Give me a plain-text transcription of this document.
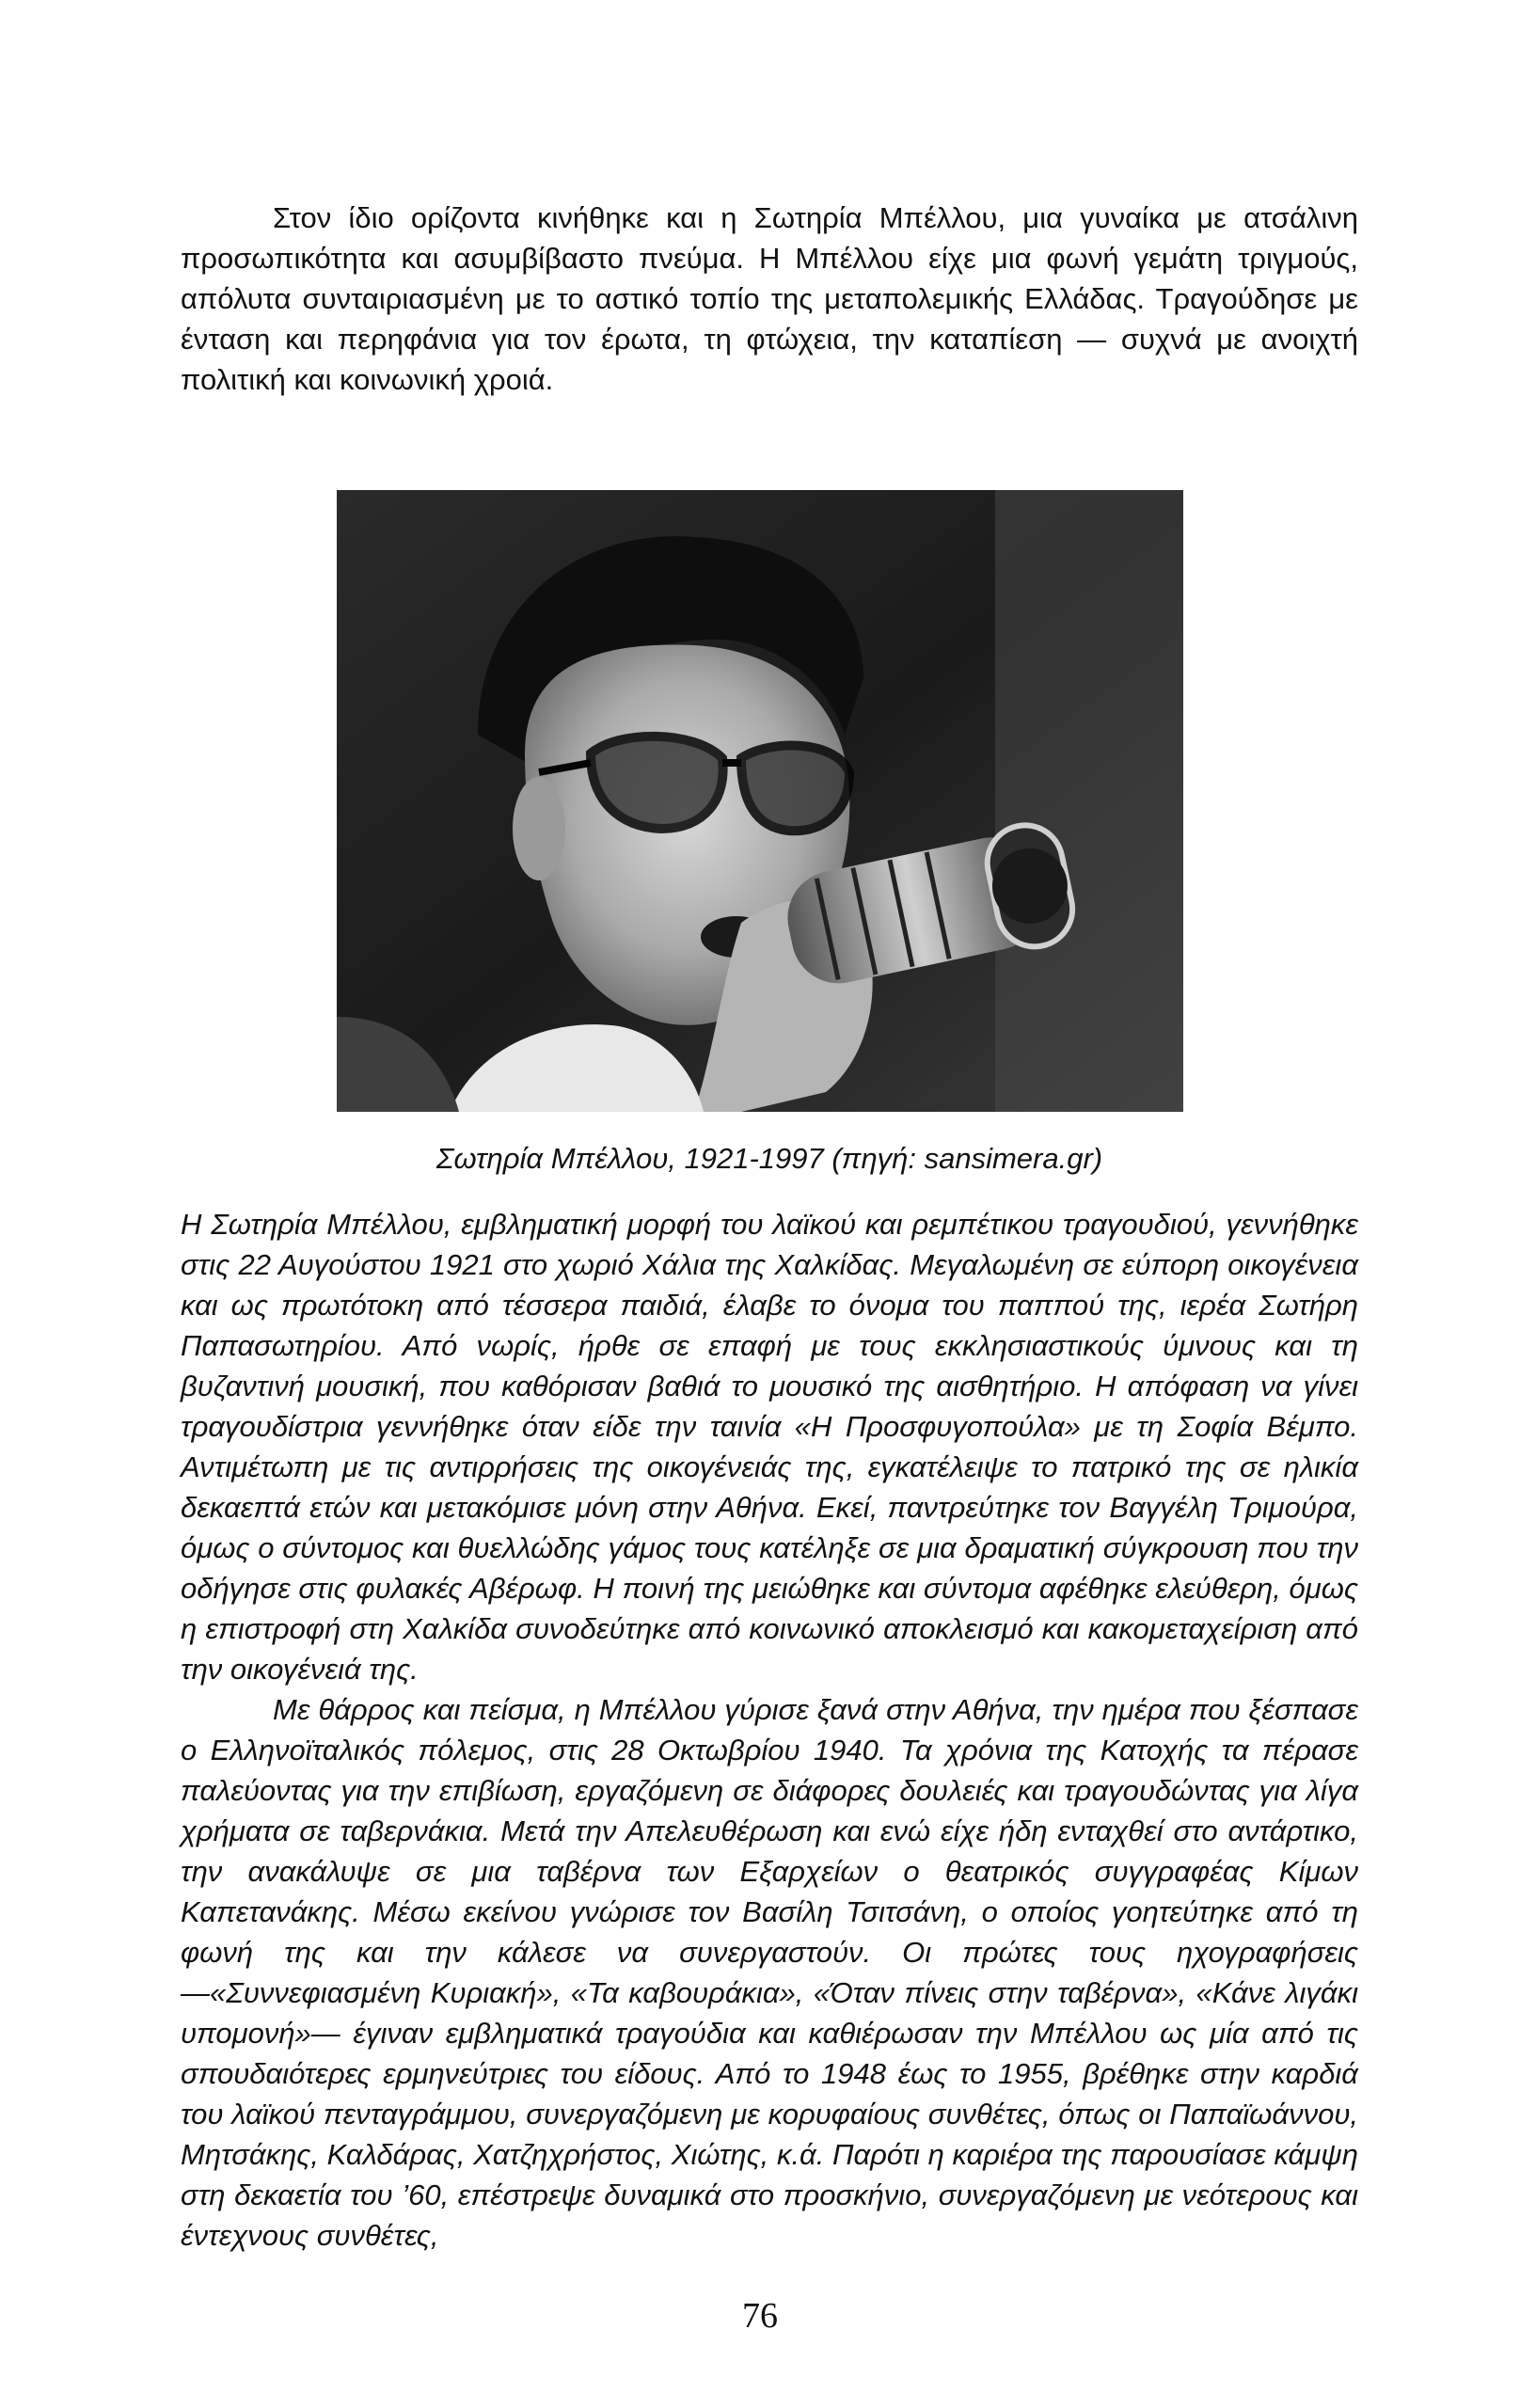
Στον ίδιο ορίζοντα κινήθηκε και η Σωτηρία Μπέλλου, μια γυναίκα με ατσάλινη προσωπικότητα και ασυμβίβαστο πνεύμα. Η Μπέλλου είχε μια φωνή γεμάτη τριγμούς, απόλυτα συνταιριασμένη με το αστικό τοπίο της μεταπολεμικής Ελλάδας. Τραγούδησε με ένταση και περηφάνια για τον έρωτα, τη φτώχεια, την καταπίεση — συχνά με ανοιχτή πολιτική και κοινωνική χροιά.

Σωτηρία Μπέλλου, 1921-1997 (πηγή: sansimera.gr)

Η Σωτηρία Μπέλλου, εμβληματική μορφή του λαϊκού και ρεμπέτικου τραγουδιού, γεννήθηκε στις 22 Αυγούστου 1921 στο χωριό Χάλια της Χαλκίδας. Μεγαλωμένη σε εύπορη οικογένεια και ως πρωτότοκη από τέσσερα παιδιά, έλαβε το όνομα του παππού της, ιερέα Σωτήρη Παπασωτηρίου. Από νωρίς, ήρθε σε επαφή με τους εκκλησιαστικούς ύμνους και τη βυζαντινή μουσική, που καθόρισαν βαθιά το μουσικό της αισθητήριο. Η απόφαση να γίνει τραγουδίστρια γεννήθηκε όταν είδε την ταινία «Η Προσφυγοπούλα» με τη Σοφία Βέμπο. Αντιμέτωπη με τις αντιρρήσεις της οικογένειάς της, εγκατέλειψε το πατρικό της σε ηλικία δεκαεπτά ετών και μετακόμισε μόνη στην Αθήνα. Εκεί, παντρεύτηκε τον Βαγγέλη Τριμούρα, όμως ο σύντομος και θυελλώδης γάμος τους κατέληξε σε μια δραματική σύγκρουση που την οδήγησε στις φυλακές Αβέρωφ. Η ποινή της μειώθηκε και σύντομα αφέθηκε ελεύθερη, όμως η επιστροφή στη Χαλκίδα συνοδεύτηκε από κοινωνικό αποκλεισμό και κακομεταχείριση από την οικογένειά της.

Με θάρρος και πείσμα, η Μπέλλου γύρισε ξανά στην Αθήνα, την ημέρα που ξέσπασε ο Ελληνοϊταλικός πόλεμος, στις 28 Οκτωβρίου 1940. Τα χρόνια της Κατοχής τα πέρασε παλεύοντας για την επιβίωση, εργαζόμενη σε διάφορες δουλειές και τραγουδώντας για λίγα χρήματα σε ταβερνάκια. Μετά την Απελευθέρωση και ενώ είχε ήδη ενταχθεί στο αντάρτικο, την ανακάλυψε σε μια ταβέρνα των Εξαρχείων ο θεατρικός συγγραφέας Κίμων Καπετανάκης. Μέσω εκείνου γνώρισε τον Βασίλη Τσιτσάνη, ο οποίος γοητεύτηκε από τη φωνή της και την κάλεσε να συνεργαστούν. Οι πρώτες τους ηχογραφήσεις —«Συννεφιασμένη Κυριακή», «Τα καβουράκια», «Όταν πίνεις στην ταβέρνα», «Κάνε λιγάκι υπομονή»— έγιναν εμβληματικά τραγούδια και καθιέρωσαν την Μπέλλου ως μία από τις σπουδαιότερες ερμηνεύτριες του είδους. Από το 1948 έως το 1955, βρέθηκε στην καρδιά του λαϊκού πενταγράμμου, συνεργαζόμενη με κορυφαίους συνθέτες, όπως οι Παπαϊωάννου, Μητσάκης, Καλδάρας, Χατζηχρήστος, Χιώτης, κ.ά. Παρότι η καριέρα της παρουσίασε κάμψη στη δεκαετία του ’60, επέστρεψε δυναμικά στο προσκήνιο, συνεργαζόμενη με νεότερους και έντεχνους συνθέτες,

76
